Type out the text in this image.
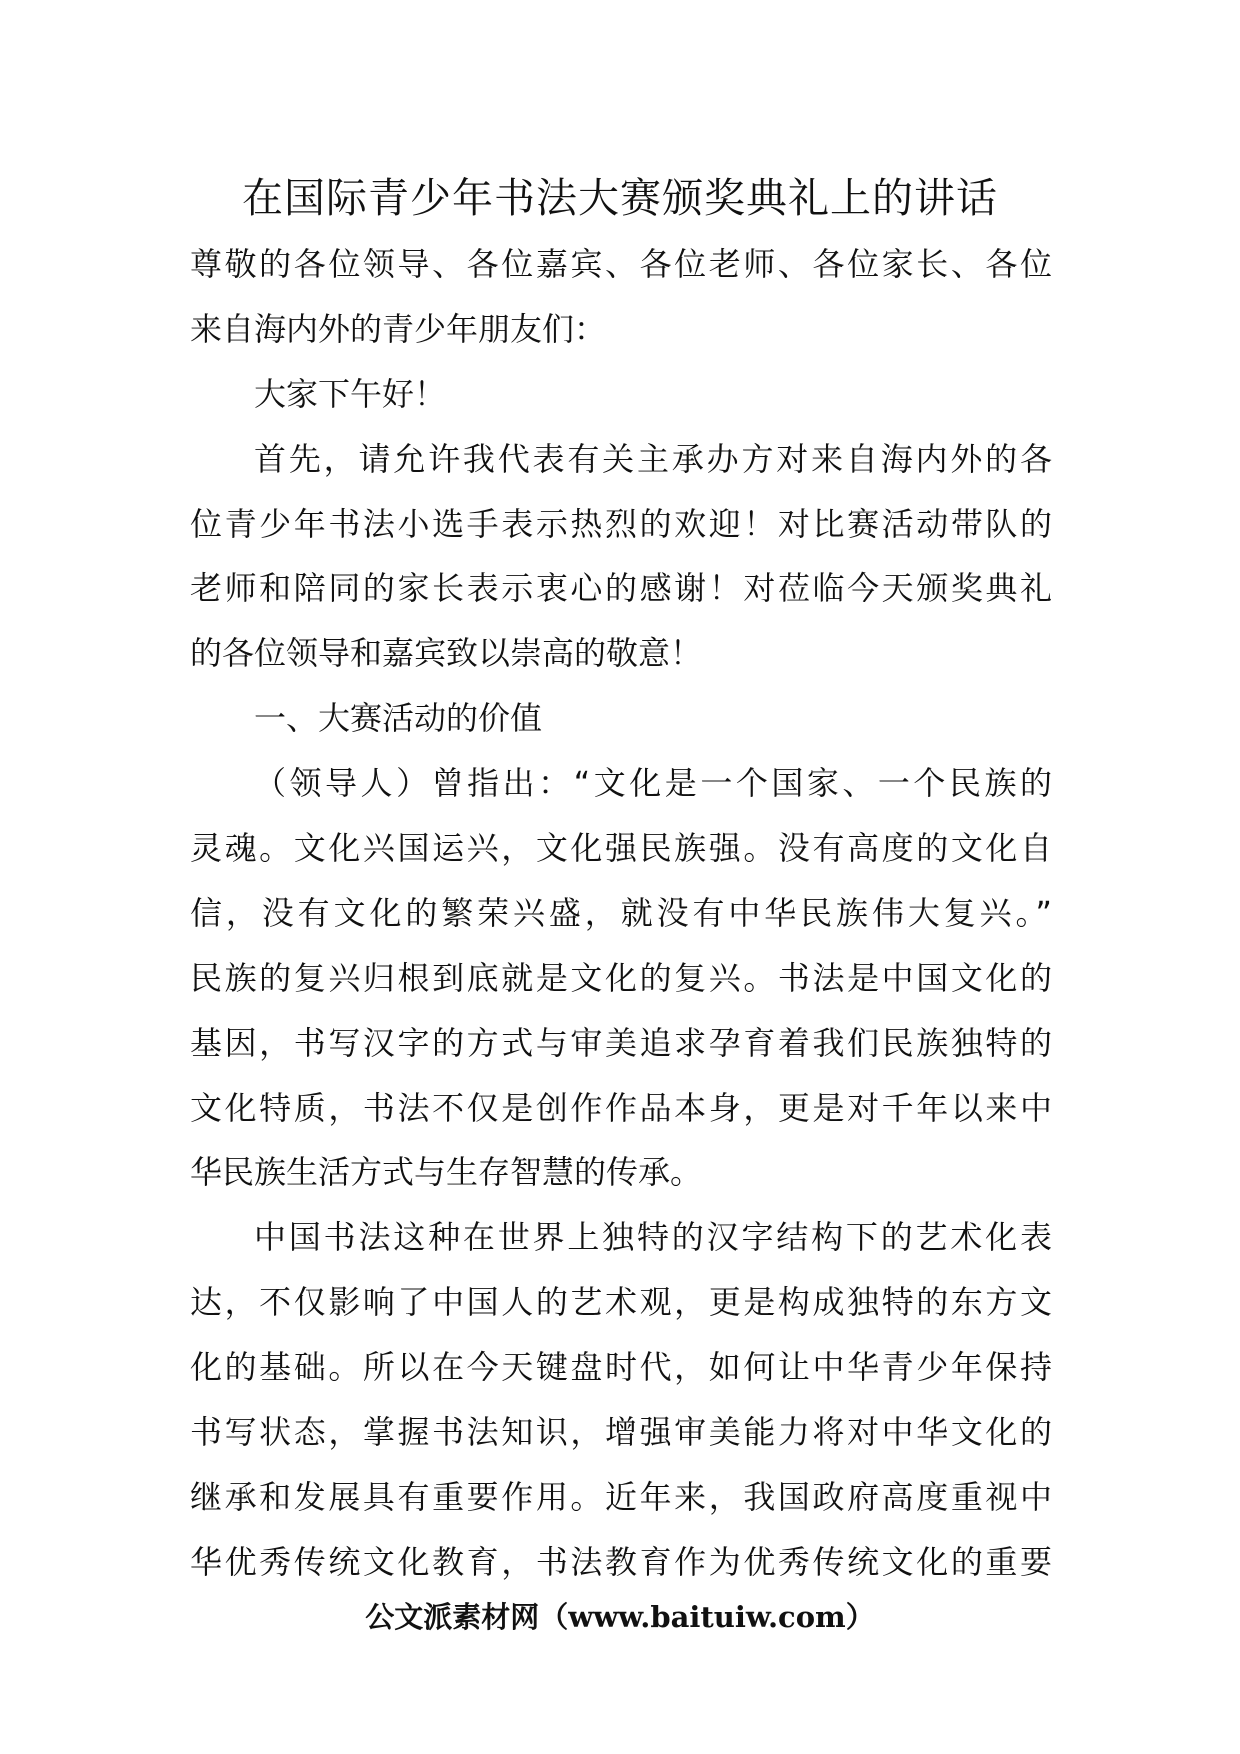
在国际青少年书法大赛颁奖典礼上的讲话
尊敬的各位领导、各位嘉宾、各位老师、各位家长、各位
来自海内外的青少年朋友们：
大家下午好！
首先，请允许我代表有关主承办方对来自海内外的各
位青少年书法小选手表示热烈的欢迎！对比赛活动带队的
老师和陪同的家长表示衷心的感谢！对莅临今天颁奖典礼
的各位领导和嘉宾致以崇高的敬意！
一、大赛活动的价值
（领导人）曾指出：“文化是一个国家、一个民族的
灵魂。文化兴国运兴，文化强民族强。没有高度的文化自
信，没有文化的繁荣兴盛，就没有中华民族伟大复兴。”
民族的复兴归根到底就是文化的复兴。书法是中国文化的
基因，书写汉字的方式与审美追求孕育着我们民族独特的
文化特质，书法不仅是创作作品本身，更是对千年以来中
华民族生活方式与生存智慧的传承。
中国书法这种在世界上独特的汉字结构下的艺术化表
达，不仅影响了中国人的艺术观，更是构成独特的东方文
化的基础。所以在今天键盘时代，如何让中华青少年保持
书写状态，掌握书法知识，增强审美能力将对中华文化的
继承和发展具有重要作用。近年来，我国政府高度重视中
华优秀传统文化教育，书法教育作为优秀传统文化的重要
公文派素材网（www.baituiw.com）
